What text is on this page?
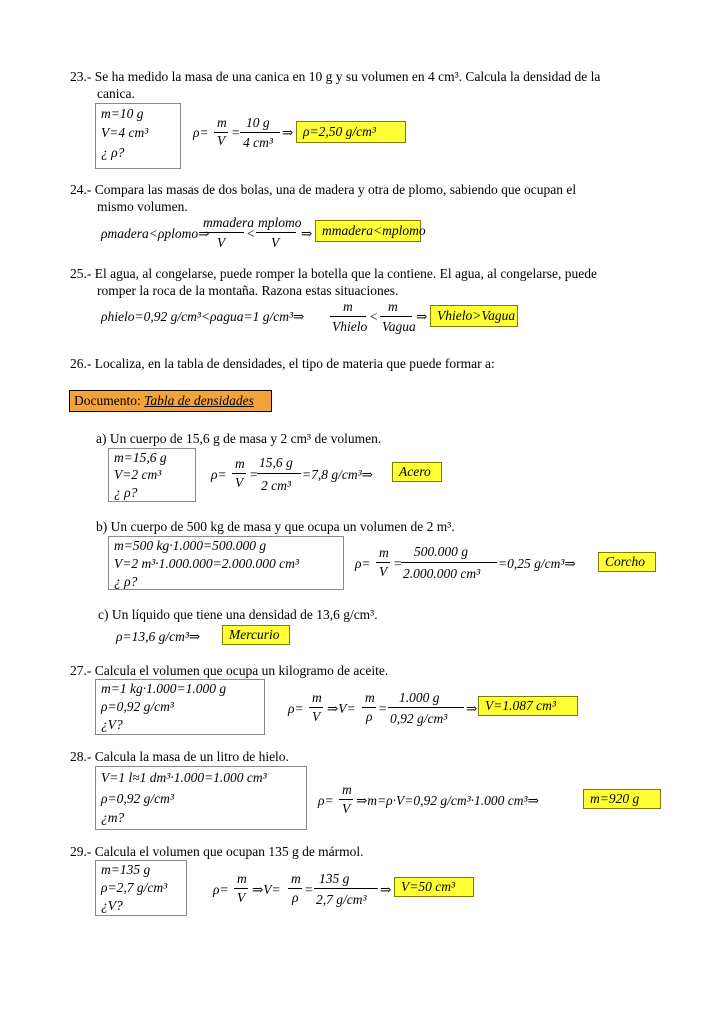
23.- Se ha medido la masa de una canica en 10 g y su volumen en 4 cm³. Calcula la densidad de la
canica.
m=10 g
V=4 cm³
¿ ρ?
ρ=
m
V
=
10 g
4 cm³
⇒ ρ=2,50 g/cm³
24.- Compara las masas de dos bolas, una de madera y otra de plomo, sabiendo que ocupan el
mismo volumen.
ρmadera<ρplomo⇒
mmadera
V
<
mplomo
V
⇒ mmadera<mplomo
25.- El agua, al congelarse, puede romper la botella que la contiene. El agua, al congelarse, puede
romper la roca de la montaña. Razona estas situaciones.
ρhielo=0,92 g/cm³<ρagua=1 g/cm³⇒
m
Vhielo
<
m
Vagua
⇒ Vhielo>Vagua
26.- Localiza, en la tabla de densidades, el tipo de materia que puede formar a:
Documento:
Tabla de densidades
a) Un cuerpo de 15,6 g de masa y 2 cm³ de volumen.
m=15,6 g
V=2 cm³
¿ ρ?
ρ=
m
V
=
15,6 g
2 cm³
=7,8 g/cm³⇒	Acero
b) Un cuerpo de 500 kg de masa y que ocupa un volumen de 2 m³.
m=500 kg·1.000=500.000 g
V=2 m³·1.000.000=2.000.000 cm³
¿ ρ?
ρ=
m
V
=
500.000 g
2.000.000 cm³
=0,25 g/cm³⇒	Corcho
c) Un líquido que tiene una densidad de 13,6 g/cm³.
ρ=13,6 g/cm³⇒	Mercurio
27.- Calcula el volumen que ocupa un kilogramo de aceite.
m=1 kg·1.000=1.000 g
ρ=0,92 g/cm³
¿V?
ρ=
m
V
⇒V=
m
ρ
=
1.000 g
0,92 g/cm³
⇒ V=1.087 cm³
28.- Calcula la masa de un litro de hielo.
V=1 l≈1 dm³·1.000=1.000 cm³
ρ=0,92 g/cm³
¿m?
ρ=
m
V
⇒m=ρ·V=0,92 g/cm³·1.000 cm³⇒	m=920 g
29.- Calcula el volumen que ocupan 135 g de mármol.
m=135 g
ρ=2,7 g/cm³
¿V?
ρ=
m
V
⇒V=
m
ρ
=
135 g
2,7 g/cm³
⇒ V=50 cm³
